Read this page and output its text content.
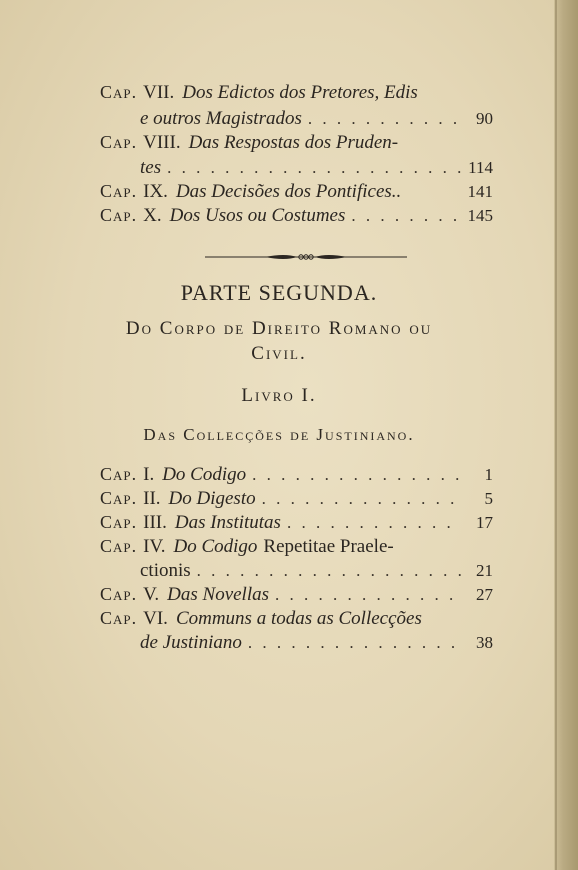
Cap. VII. Dos Edictos dos Pretores, Edis
e outros Magistrados . . .	90
Cap. VIII. Das Respostas dos Pruden-
tes . . .	114
Cap. IX. Das Decisões dos Pontifices..	141
Cap. X. Dos Usos ou Costumes . . .	145
PARTE SEGUNDA.
Do Corpo de Direito Romano ou
Civil.
Livro I.
Das Collecções de Justiniano.
Cap. I. Do Codigo . . .	1
Cap. II. Do Digesto . . .	5
Cap. III. Das Institutas . . .	17
Cap. IV. Do Codigo Repetitae Praele-
ctionis . . .	21
Cap. V. Das Novellas . . .	27
Cap. VI. Communs a todas as Collecções
de Justiniano . . .	38
